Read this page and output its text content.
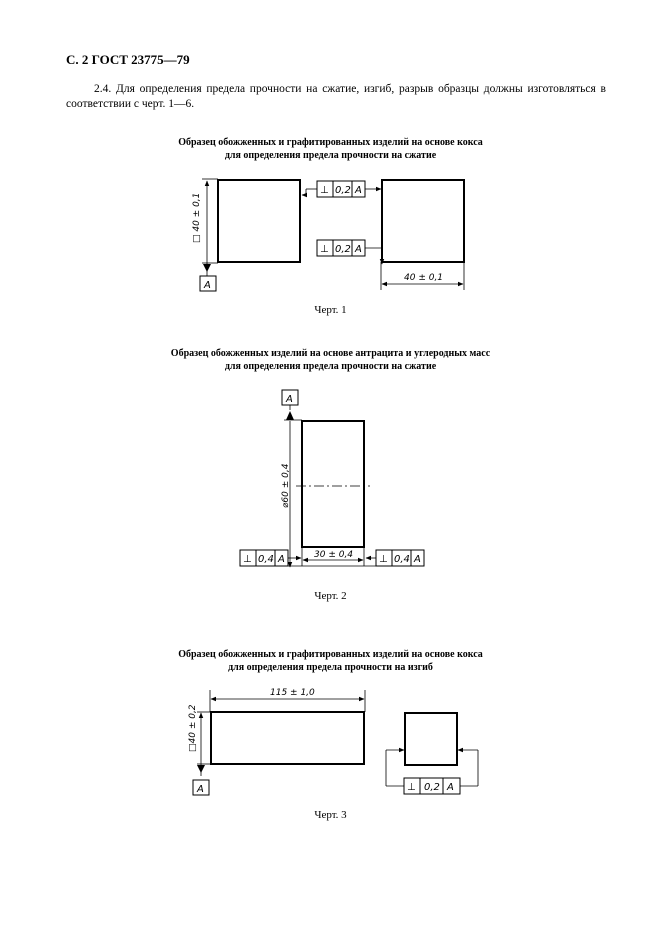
С. 2 ГОСТ 23775—79
2.4. Для определения предела прочности на сжатие, изгиб, разрыв образцы должны изготовляться в соответствии с черт. 1—6.
Образец обожженных и графитированных изделий на основе кокса
для определения предела прочности на сжатие
□ 40 ± 0,1
A
⊥ 0,2 A
⊥ 0,2 A
40 ± 0,1
Черт. 1
Образец обожженных изделий на основе антрацита и углеродных масс
для определения предела прочности на сжатие
A
⌀60 ± 0,4
30 ± 0,4
⊥ 0,4 A	⊥ 0,4 A
Черт. 2
Образец обожженных и графитированных изделий на основе кокса
для определения предела прочности на изгиб
115 ± 1,0
□40 ± 0,2
A	⊥ 0,2 A
Черт. 3
